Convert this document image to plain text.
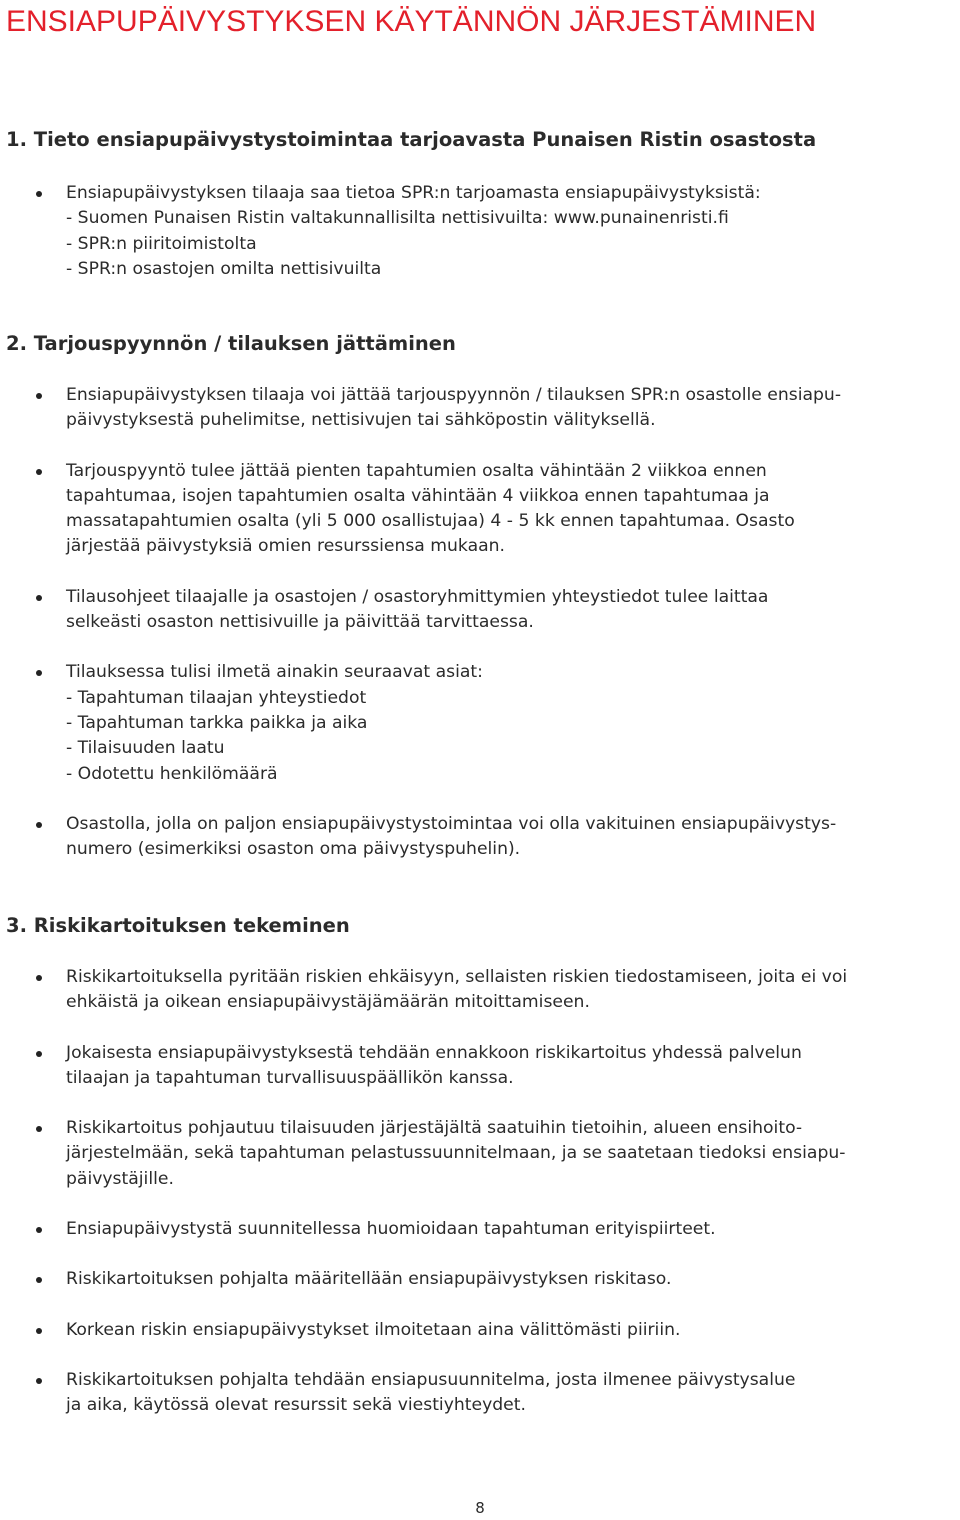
ENSIAPUPÄIVYSTYKSEN KÄYTÄNNÖN JÄRJESTÄMINEN
1. Tieto ensiapupäivystystoimintaa tarjoavasta Punaisen Ristin osastosta
Ensiapupäivystyksen tilaaja saa tietoa SPR:n tarjoamasta ensiapupäivystyksistä:
- Suomen Punaisen Ristin valtakunnallisilta nettisivuilta: www.punainenristi.fi
- SPR:n piiritoimistolta
- SPR:n osastojen omilta nettisivuilta
2. Tarjouspyynnön / tilauksen jättäminen
Ensiapupäivystyksen tilaaja voi jättää tarjouspyynnön / tilauksen SPR:n osastolle ensiapu-
päivystyksestä puhelimitse, nettisivujen tai sähköpostin välityksellä.
Tarjouspyyntö tulee jättää pienten tapahtumien osalta vähintään 2 viikkoa ennen
tapahtumaa, isojen tapahtumien osalta vähintään 4 viikkoa ennen tapahtumaa ja
massatapahtumien osalta (yli 5 000 osallistujaa) 4 - 5 kk ennen tapahtumaa. Osasto
järjestää päivystyksiä omien resurssiensa mukaan.
Tilausohjeet tilaajalle ja osastojen / osastoryhmittymien yhteystiedot tulee laittaa
selkeästi osaston nettisivuille ja päivittää tarvittaessa.
Tilauksessa tulisi ilmetä ainakin seuraavat asiat:
- Tapahtuman tilaajan yhteystiedot
- Tapahtuman tarkka paikka ja aika
- Tilaisuuden laatu
- Odotettu henkilömäärä
Osastolla, jolla on paljon ensiapupäivystystoimintaa voi olla vakituinen ensiapupäivystys-
numero (esimerkiksi osaston oma päivystyspuhelin).
3. Riskikartoituksen tekeminen
Riskikartoituksella pyritään riskien ehkäisyyn, sellaisten riskien tiedostamiseen, joita ei voi
ehkäistä ja oikean ensiapupäivystäjämäärän mitoittamiseen.
Jokaisesta ensiapupäivystyksestä tehdään ennakkoon riskikartoitus yhdessä palvelun
tilaajan ja tapahtuman turvallisuuspäällikön kanssa.
Riskikartoitus pohjautuu tilaisuuden järjestäjältä saatuihin tietoihin, alueen ensihoito-
järjestelmään, sekä tapahtuman pelastussuunnitelmaan, ja se saatetaan tiedoksi ensiapu-
päivystäjille.
Ensiapupäivystystä suunnitellessa huomioidaan tapahtuman erityispiirteet.
Riskikartoituksen pohjalta määritellään ensiapupäivystyksen riskitaso.
Korkean riskin ensiapupäivystykset ilmoitetaan aina välittömästi piiriin.
Riskikartoituksen pohjalta tehdään ensiapusuunnitelma, josta ilmenee päivystysalue
ja aika, käytössä olevat resurssit sekä viestiyhteydet.
8
